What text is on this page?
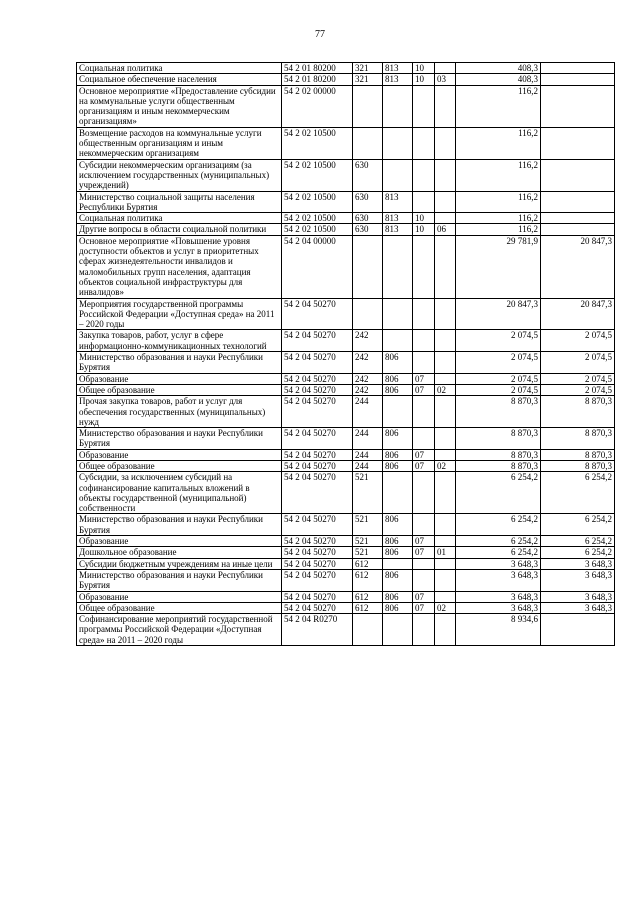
77
Социальная политика	54 2 01 80200	321	813	10		408,3	
Социальное обеспечение населения	54 2 01 80200	321	813	10	03	408,3	
Основное мероприятие «Предоставление субсидии на коммунальные услуги общественным организациям и иным некоммерческим организациям»	54 2 02 00000					116,2	
Возмещение расходов на коммунальные услуги общественным организациям и иным некоммерческим организациям	54 2 02 10500					116,2	
Субсидии некоммерческим организациям (за исключением государственных (муниципальных) учреждений)	54 2 02 10500	630				116,2	
Министерство социальной защиты населения Республики Бурятия	54 2 02 10500	630	813			116,2	
Социальная политика	54 2 02 10500	630	813	10		116,2	
Другие вопросы в области социальной политики	54 2 02 10500	630	813	10	06	116,2	
Основное мероприятие «Повышение уровня доступности объектов и услуг в приоритетных сферах жизнедеятельности инвалидов и маломобильных групп населения, адаптация объектов социальной инфраструктуры для инвалидов»	54 2 04 00000					29 781,9	20 847,3
Мероприятия государственной программы Российской Федерации «Доступная среда» на 2011 – 2020 годы	54 2 04 50270					20 847,3	20 847,3
Закупка товаров, работ, услуг в сфере информационно-коммуникационных технологий	54 2 04 50270	242				2 074,5	2 074,5
Министерство образования и науки Республики Бурятия	54 2 04 50270	242	806			2 074,5	2 074,5
Образование	54 2 04 50270	242	806	07		2 074,5	2 074,5
Общее образование	54 2 04 50270	242	806	07	02	2 074,5	2 074,5
Прочая закупка товаров, работ и услуг для обеспечения государственных (муниципальных) нужд	54 2 04 50270	244				8 870,3	8 870,3
Министерство образования и науки Республики Бурятия	54 2 04 50270	244	806			8 870,3	8 870,3
Образование	54 2 04 50270	244	806	07		8 870,3	8 870,3
Общее образование	54 2 04 50270	244	806	07	02	8 870,3	8 870,3
Субсидии, за исключением субсидий на софинансирование капитальных вложений в объекты государственной (муниципальной) собственности	54 2 04 50270	521				6 254,2	6 254,2
Министерство образования и науки Республики Бурятия	54 2 04 50270	521	806			6 254,2	6 254,2
Образование	54 2 04 50270	521	806	07		6 254,2	6 254,2
Дошкольное образование	54 2 04 50270	521	806	07	01	6 254,2	6 254,2
Субсидии бюджетным учреждениям на иные цели	54 2 04 50270	612				3 648,3	3 648,3
Министерство образования и науки Республики Бурятия	54 2 04 50270	612	806			3 648,3	3 648,3
Образование	54 2 04 50270	612	806	07		3 648,3	3 648,3
Общее образование	54 2 04 50270	612	806	07	02	3 648,3	3 648,3
Софинансирование мероприятий государственной программы Российской Федерации «Доступная среда» на 2011 – 2020 годы	54 2 04 R0270					8 934,6	
